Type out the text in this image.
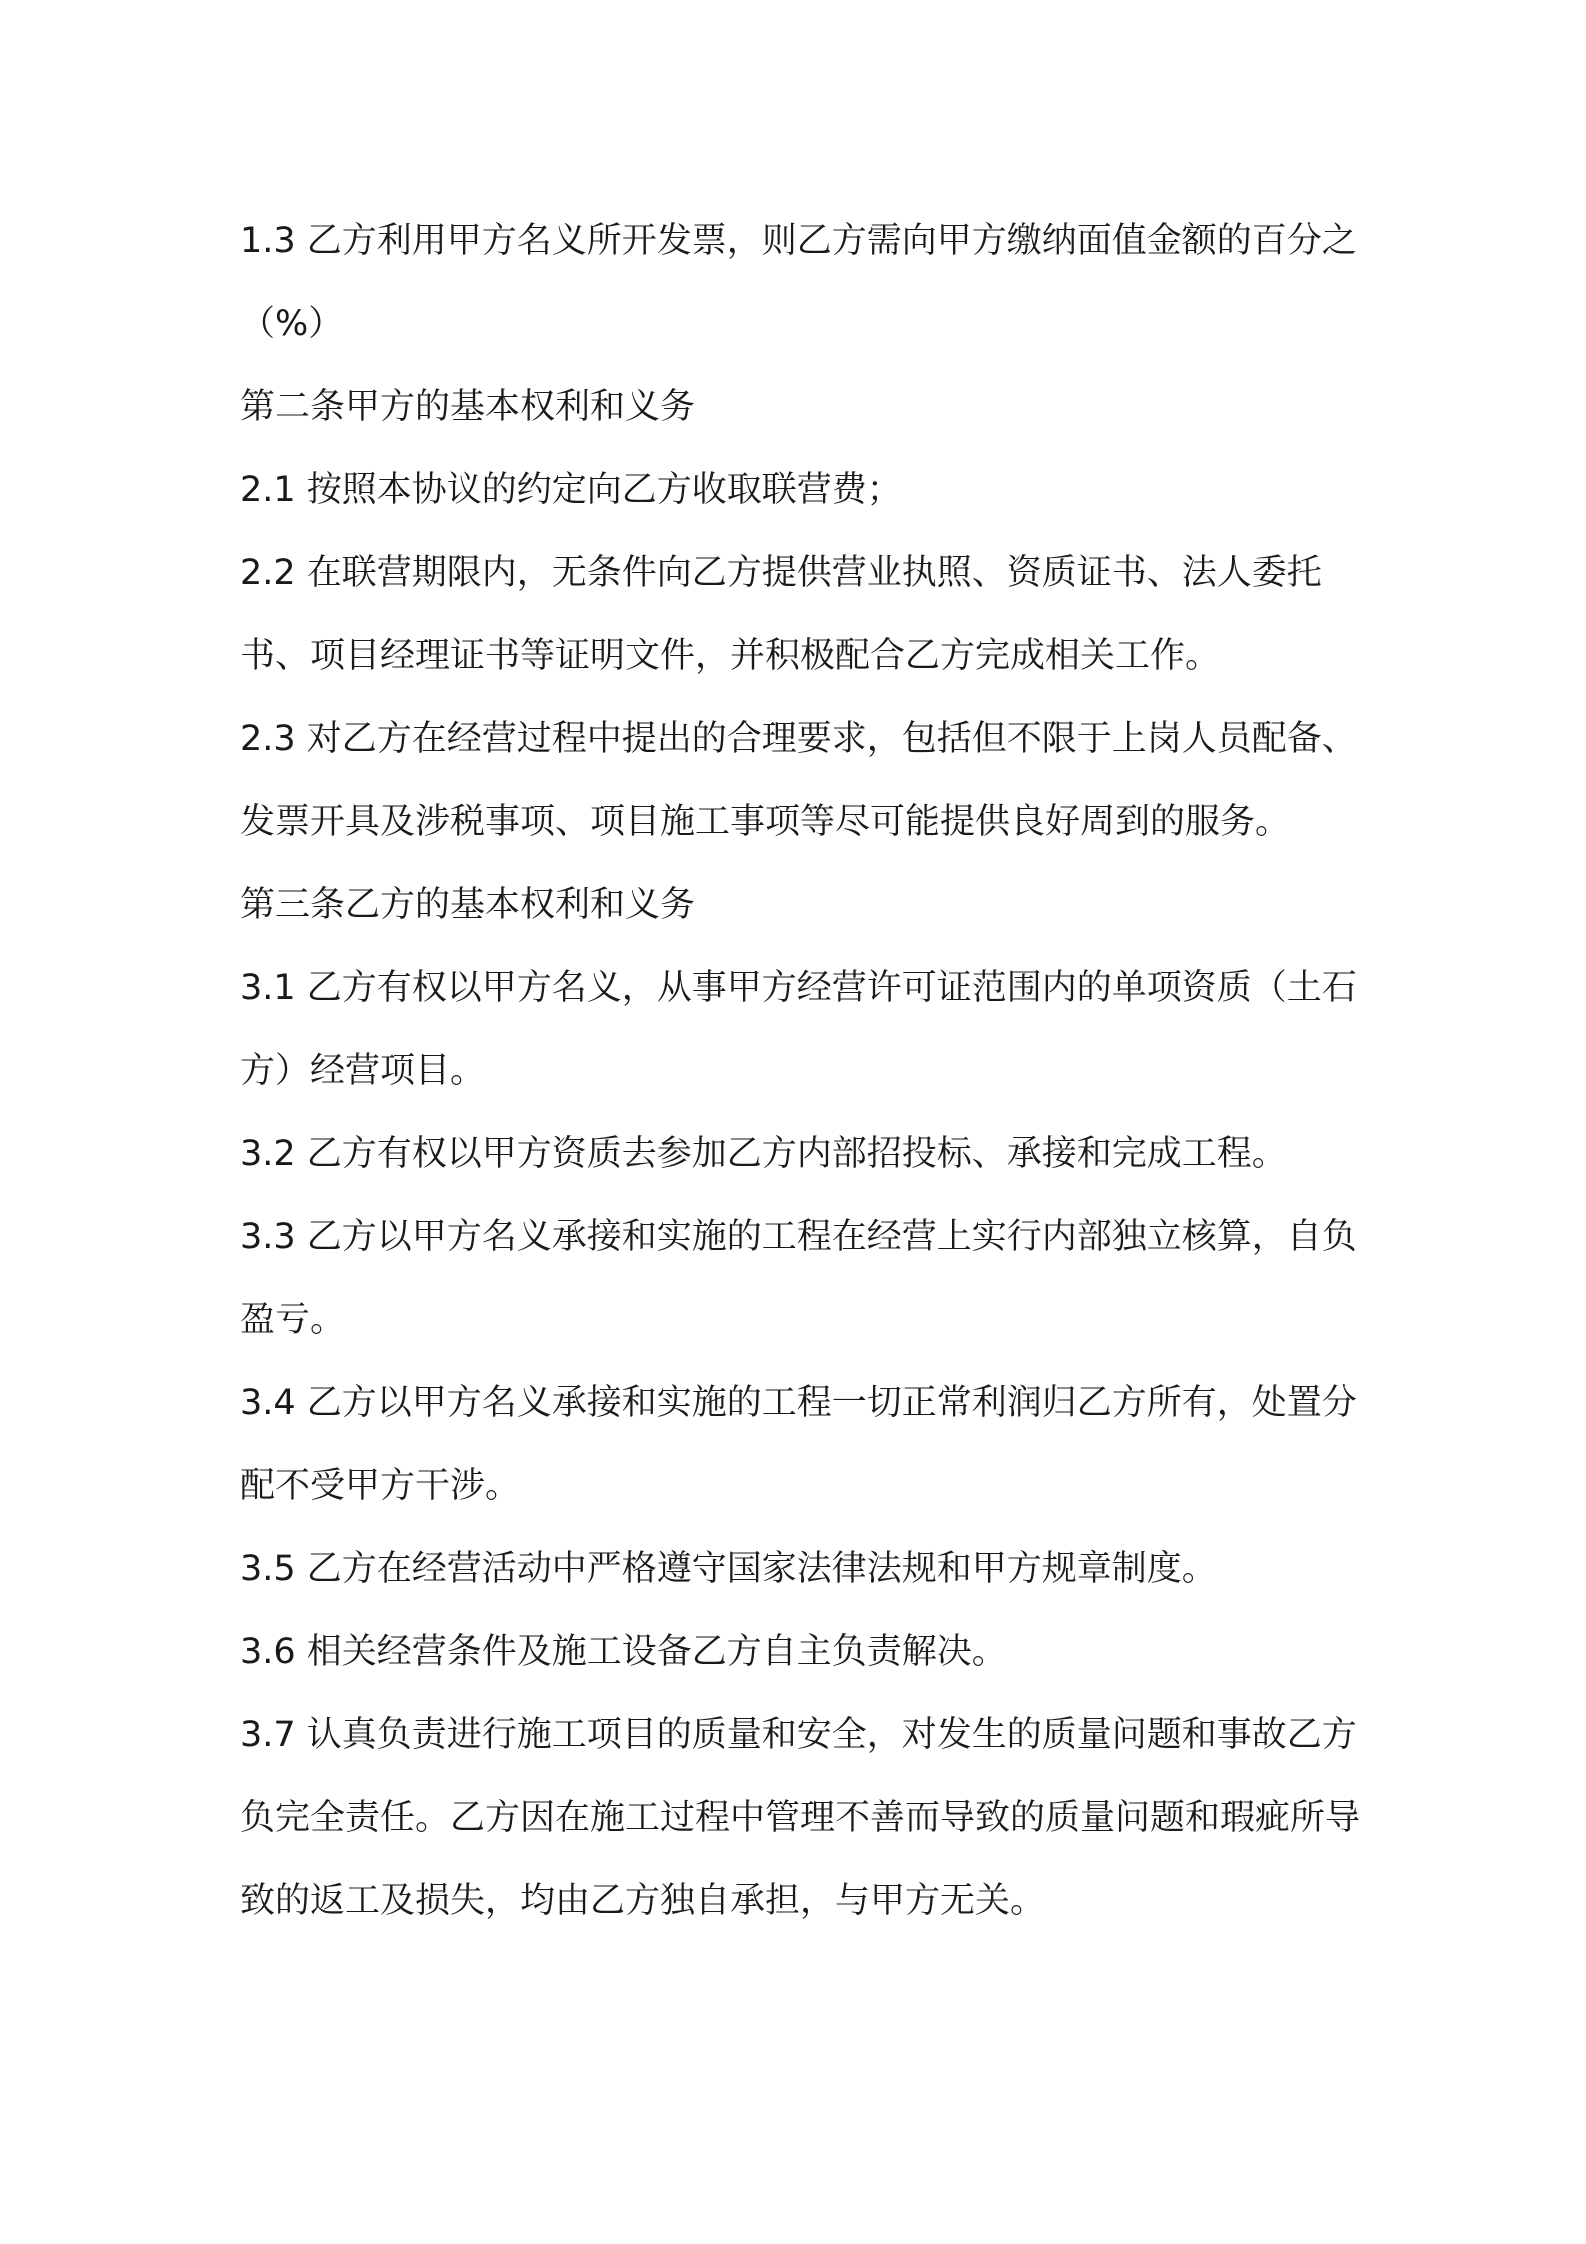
1.3 乙方利用甲方名义所开发票，则乙方需向甲方缴纳面值金额的百分之（%）

第二条甲方的基本权利和义务

2.1 按照本协议的约定向乙方收取联营费；

2.2 在联营期限内，无条件向乙方提供营业执照、资质证书、法人委托书、项目经理证书等证明文件，并积极配合乙方完成相关工作。

2.3 对乙方在经营过程中提出的合理要求，包括但不限于上岗人员配备、发票开具及涉税事项、项目施工事项等尽可能提供良好周到的服务。

第三条乙方的基本权利和义务

3.1 乙方有权以甲方名义，从事甲方经营许可证范围内的单项资质（土石方）经营项目。

3.2 乙方有权以甲方资质去参加乙方内部招投标、承接和完成工程。

3.3 乙方以甲方名义承接和实施的工程在经营上实行内部独立核算，自负盈亏。

3.4 乙方以甲方名义承接和实施的工程一切正常利润归乙方所有，处置分配不受甲方干涉。

3.5 乙方在经营活动中严格遵守国家法律法规和甲方规章制度。

3.6 相关经营条件及施工设备乙方自主负责解决。

3.7 认真负责进行施工项目的质量和安全，对发生的质量问题和事故乙方负完全责任。乙方因在施工过程中管理不善而导致的质量问题和瑕疵所导致的返工及损失，均由乙方独自承担，与甲方无关。
